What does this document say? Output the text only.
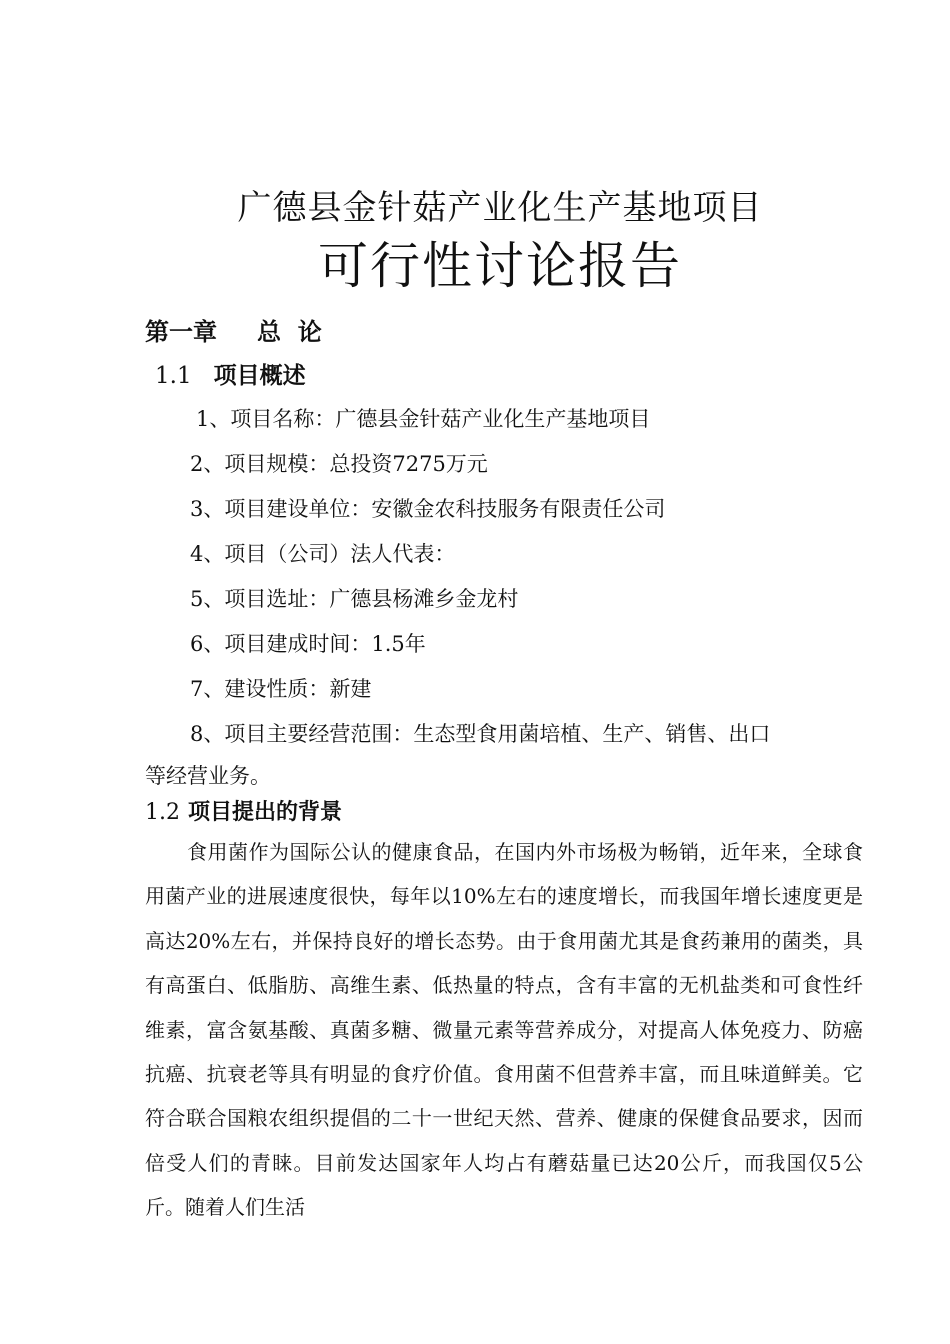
广德县金针菇产业化生产基地项目
可行性讨论报告
第一章 总  论
1.1 项目概述
1、项目名称：广德县金针菇产业化生产基地项目
2、项目规模：总投资7275万元
3、项目建设单位：安徽金农科技服务有限责任公司
4、项目（公司）法人代表：
5、项目选址：广德县杨滩乡金龙村
6、项目建成时间：1.5年
7、建设性质：新建
8、项目主要经营范围：生态型食用菌培植、生产、销售、出口
等经营业务。
1.2 项目提出的背景

食用菌作为国际公认的健康食品，在国内外市场极为畅销，近年来，全球食用菌产业的进展速度很快，每年以10%左右的速度增长，而我国年增长速度更是高达20%左右，并保持良好的增长态势。由于食用菌尤其是食药兼用的菌类，具有高蛋白、低脂肪、高维生素、低热量的特点，含有丰富的无机盐类和可食性纤维素，富含氨基酸、真菌多糖、微量元素等营养成分，对提高人体免疫力、防癌抗癌、抗衰老等具有明显的食疗价值。食用菌不但营养丰富，而且味道鲜美。它符合联合国粮农组织提倡的二十一世纪天然、营养、健康的保健食品要求，因而倍受人们的青睐。目前发达国家年人均占有蘑菇量已达20公斤，而我国仅5公斤。随着人们生活
